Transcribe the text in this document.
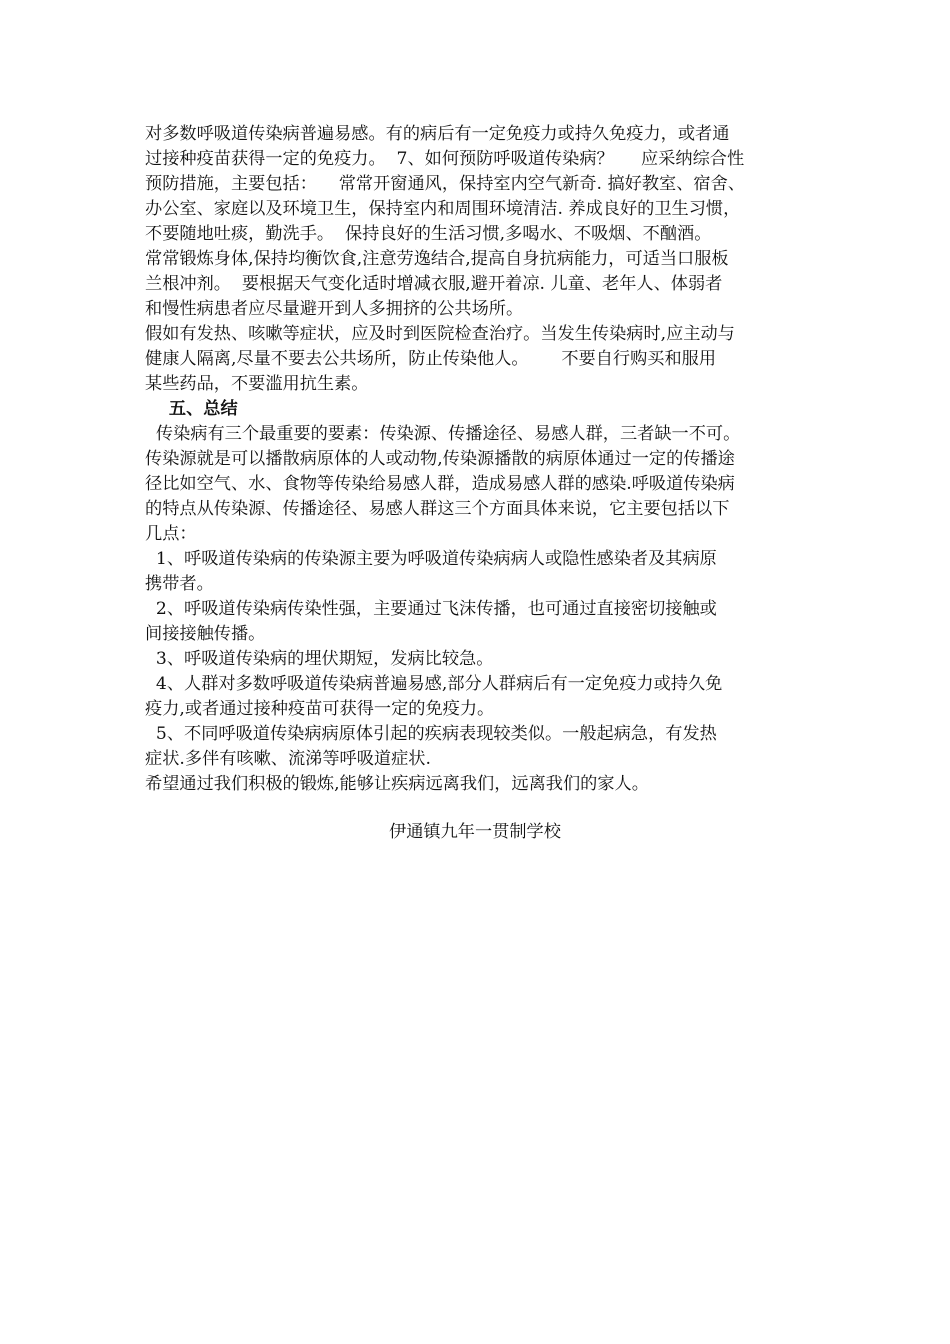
对多数呼吸道传染病普遍易感。有的病后有一定免疫力或持久免疫力，或者通
过接种疫苗获得一定的免疫力。  7、如何预防呼吸道传染病？     应采纳综合性
预防措施，主要包括：    常常开窗通风，保持室内空气新奇. 搞好教室、宿舍、
办公室、家庭以及环境卫生，保持室内和周围环境清洁. 养成良好的卫生习惯，
不要随地吐痰，勤洗手。  保持良好的生活习惯,多喝水、不吸烟、不酗酒。
常常锻炼身体,保持均衡饮食,注意劳逸结合,提高自身抗病能力，可适当口服板
兰根冲剂。  要根据天气变化适时增减衣服,避开着凉. 儿童、老年人、体弱者
和慢性病患者应尽量避开到人多拥挤的公共场所。
假如有发热、咳嗽等症状，应及时到医院检查治疗。当发生传染病时,应主动与
健康人隔离,尽量不要去公共场所，防止传染他人。      不要自行购买和服用
某些药品，不要滥用抗生素。
五、总结
传染病有三个最重要的要素：传染源、传播途径、易感人群，三者缺一不可。
传染源就是可以播散病原体的人或动物,传染源播散的病原体通过一定的传播途
径比如空气、水、食物等传染给易感人群，造成易感人群的感染.呼吸道传染病
的特点从传染源、传播途径、易感人群这三个方面具体来说，它主要包括以下
几点：
1、呼吸道传染病的传染源主要为呼吸道传染病病人或隐性感染者及其病原
携带者。
2、呼吸道传染病传染性强，主要通过飞沫传播，也可通过直接密切接触或
间接接触传播。
3、呼吸道传染病的埋伏期短，发病比较急。
4、人群对多数呼吸道传染病普遍易感,部分人群病后有一定免疫力或持久免
疫力,或者通过接种疫苗可获得一定的免疫力。
5、不同呼吸道传染病病原体引起的疾病表现较类似。一般起病急，有发热
症状.多伴有咳嗽、流涕等呼吸道症状.
希望通过我们积极的锻炼,能够让疾病远离我们，远离我们的家人。
伊通镇九年一贯制学校
